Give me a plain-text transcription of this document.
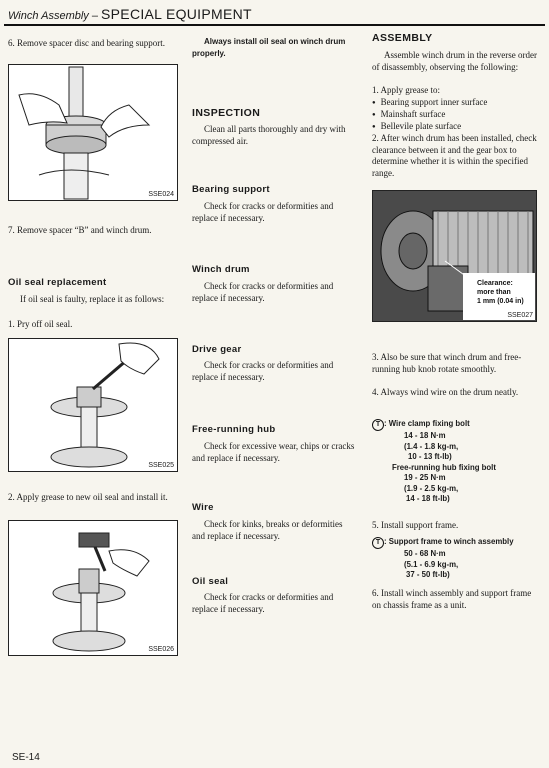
Winch Assembly – SPECIAL EQUIPMENT

6. Remove spacer disc and bearing support.

SSE024

7. Remove spacer “B” and winch drum.

Oil seal replacement

If oil seal is faulty, replace it as follows:

1. Pry off oil seal.

SSE025

2. Apply grease to new oil seal and install it.

SSE026

Always install oil seal on winch drum properly.

INSPECTION

Clean all parts thoroughly and dry with compressed air.

Bearing support

Check for cracks or deformities and replace if necessary.

Winch drum

Check for cracks or deformities and replace if necessary.

Drive gear

Check for cracks or deformities and replace if necessary.

Free-running hub

Check for excessive wear, chips or cracks and replace if necessary.

Wire

Check for kinks, breaks or deformities and replace if necessary.

Oil seal

Check for cracks or deformities and replace if necessary.

ASSEMBLY

Assemble winch drum in the reverse order of disassembly, observing the following:

1. Apply grease to:

● Bearing support inner surface

● Mainshaft surface

● Bellevile plate surface

2. After winch drum has been installed, check clearance between it and the gear box to determine whether it is within the specified range.

Clearance:
more than
1 mm (0.04 in)
SSE027

3. Also be sure that winch drum and free-running hub knob rotate smoothly.

4. Always wind wire on the drum neatly.

T : Wire clamp fixing bolt
14 - 18 N·m
(1.4 - 1.8 kg-m,
10 - 13 ft-lb)
Free-running hub fixing bolt
19 - 25 N·m
(1.9 - 2.5 kg-m,
14 - 18 ft-lb)

5. Install support frame.

T : Support frame to winch assembly
50 - 68 N·m
(5.1 - 6.9 kg-m,
37 - 50 ft-lb)

6. Install winch assembly and support frame on chassis frame as a unit.

SE-14
